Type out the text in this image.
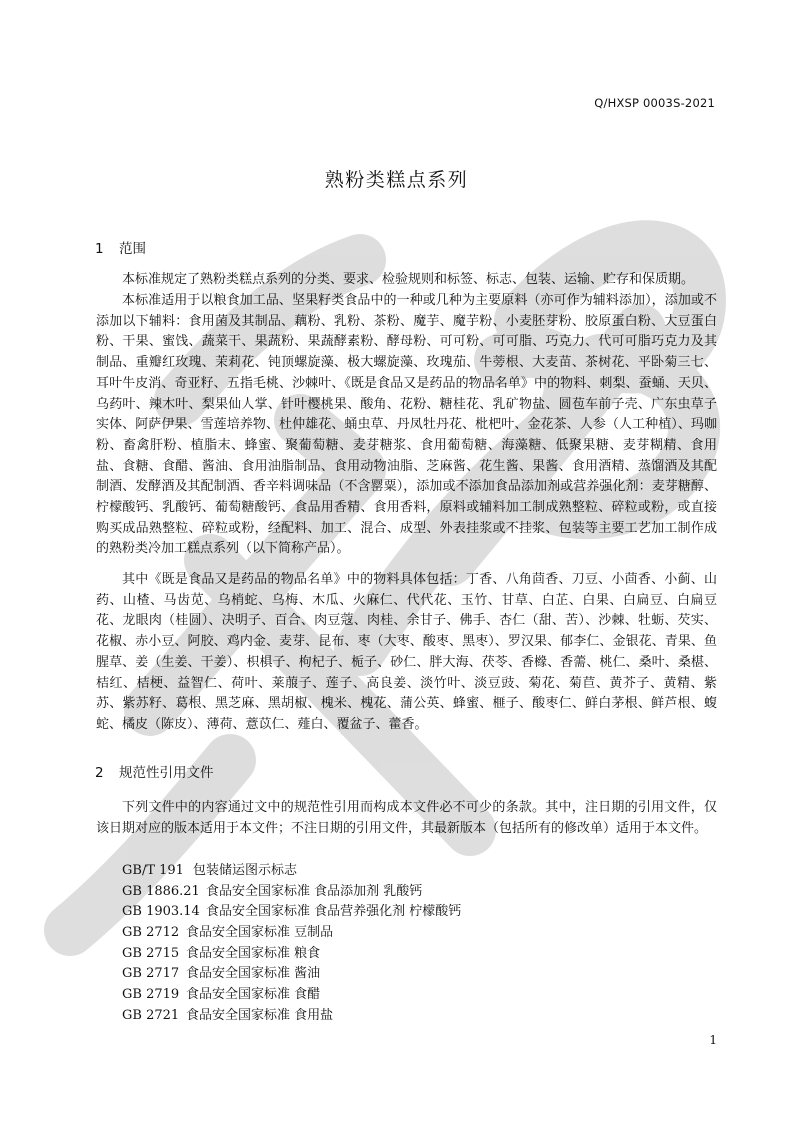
Q/HXSP 0003S-2021
熟粉类糕点系列
1 范围

本标准规定了熟粉类糕点系列的分类、要求、检验规则和标签、标志、包装、运输、贮存和保质期。

本标准适用于以粮食加工品、坚果籽类食品中的一种或几种为主要原料（亦可作为辅料添加），添加或不添加以下辅料：食用菌及其制品、藕粉、乳粉、茶粉、魔芋、魔芋粉、小麦胚芽粉、胶原蛋白粉、大豆蛋白粉、干果、蜜饯、蔬菜干、果蔬粉、果蔬酵素粉、酵母粉、可可粉、可可脂、巧克力、代可可脂巧克力及其制品、重瓣红玫瑰、茉莉花、钝顶螺旋藻、极大螺旋藻、玫瑰茄、牛蒡根、大麦苗、茶树花、平卧菊三七、耳叶牛皮消、奇亚籽、五指毛桃、沙棘叶、《既是食品又是药品的物品名单》中的物料、刺梨、蚕蛹、天贝、乌药叶、辣木叶、梨果仙人掌、针叶樱桃果、酸角、花粉、糖桂花、乳矿物盐、圆苞车前子壳、广东虫草子实体、阿萨伊果、雪莲培养物、杜仲雄花、蛹虫草、丹凤牡丹花、枇杷叶、金花茶、人参（人工种植）、玛咖粉、畜禽肝粉、植脂末、蜂蜜、聚葡萄糖、麦芽糖浆、食用葡萄糖、海藻糖、低聚果糖、麦芽糊精、食用盐、食糖、食醋、酱油、食用油脂制品、食用动物油脂、芝麻酱、花生酱、果酱、食用酒精、蒸馏酒及其配制酒、发酵酒及其配制酒、香辛料调味品（不含罂粟），添加或不添加食品添加剂或营养强化剂：麦芽糖醇、柠檬酸钙、乳酸钙、葡萄糖酸钙、食品用香精、食用香料，原料或辅料加工制成熟整粒、碎粒或粉，或直接购买成品熟整粒、碎粒或粉，经配料、加工、混合、成型、外表挂浆或不挂浆、包装等主要工艺加工制作成的熟粉类冷加工糕点系列（以下简称产品）。

其中《既是食品又是药品的物品名单》中的物料具体包括：丁香、八角茴香、刀豆、小茴香、小蓟、山药、山楂、马齿苋、乌梢蛇、乌梅、木瓜、火麻仁、代代花、玉竹、甘草、白芷、白果、白扁豆、白扁豆花、龙眼肉（桂圆）、决明子、百合、肉豆蔻、肉桂、余甘子、佛手、杏仁（甜、苦）、沙棘、牡蛎、芡实、花椒、赤小豆、阿胶、鸡内金、麦芽、昆布、枣（大枣、酸枣、黑枣）、罗汉果、郁李仁、金银花、青果、鱼腥草、姜（生姜、干姜）、枳椇子、枸杞子、栀子、砂仁、胖大海、茯苓、香橼、香薷、桃仁、桑叶、桑椹、桔红、桔梗、益智仁、荷叶、莱菔子、莲子、高良姜、淡竹叶、淡豆豉、菊花、菊苣、黄芥子、黄精、紫苏、紫苏籽、葛根、黑芝麻、黑胡椒、槐米、槐花、蒲公英、蜂蜜、榧子、酸枣仁、鲜白茅根、鲜芦根、蝮蛇、橘皮（陈皮）、薄荷、薏苡仁、薤白、覆盆子、藿香。

2 规范性引用文件

下列文件中的内容通过文中的规范性引用而构成本文件必不可少的条款。其中，注日期的引用文件，仅该日期对应的版本适用于本文件；不注日期的引用文件，其最新版本（包括所有的修改单）适用于本文件。

GB/T 191 包装储运图示标志
GB 1886.21 食品安全国家标准 食品添加剂 乳酸钙
GB 1903.14 食品安全国家标准 食品营养强化剂 柠檬酸钙
GB 2712 食品安全国家标准 豆制品
GB 2715 食品安全国家标准 粮食
GB 2717 食品安全国家标准 酱油
GB 2719 食品安全国家标准 食醋
GB 2721 食品安全国家标准 食用盐
1
